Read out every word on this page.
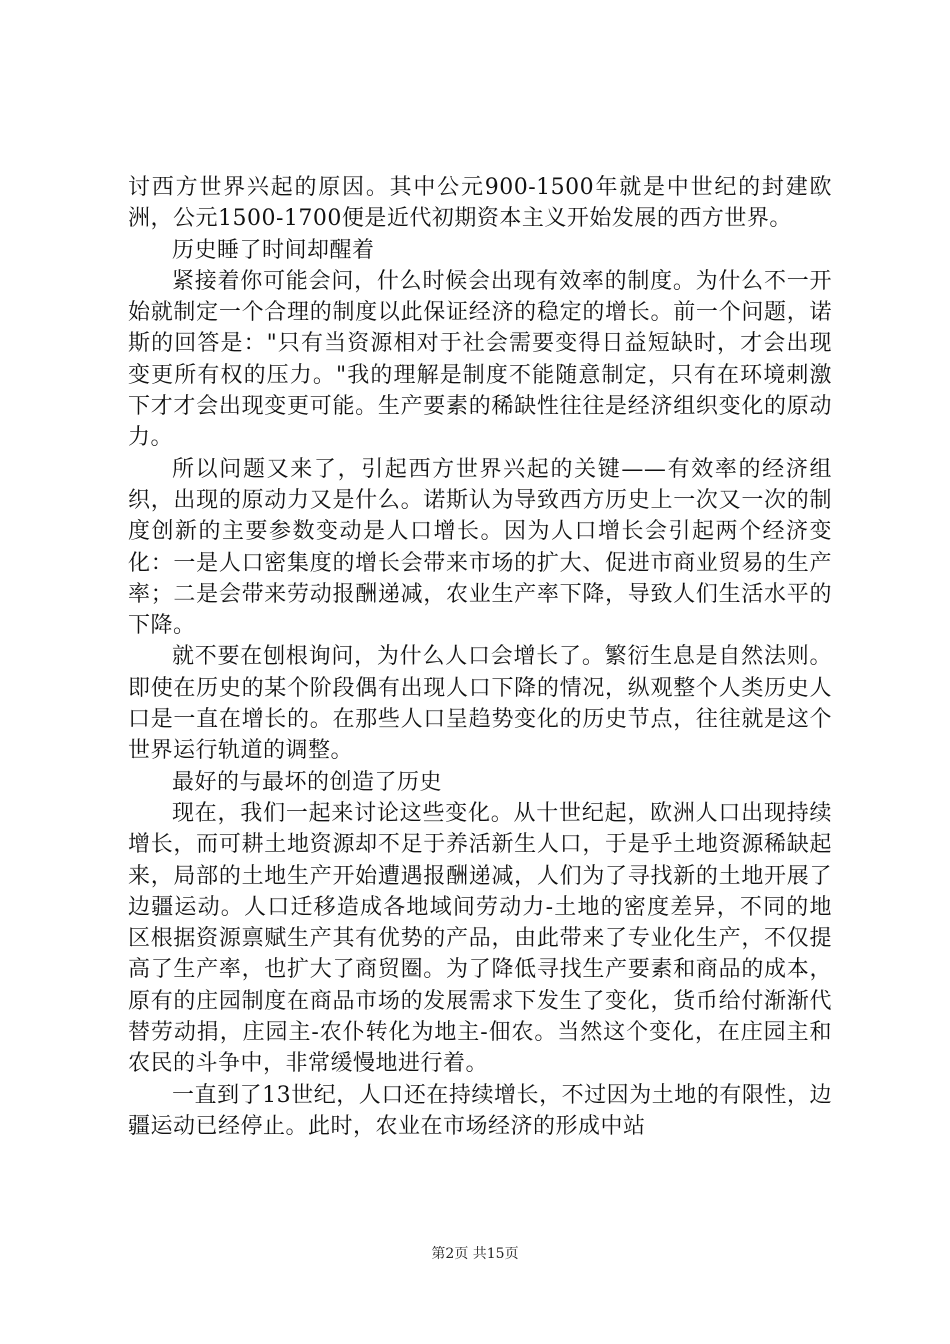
讨西方世界兴起的原因。其中公元900-1500年就是中世纪的封建欧洲，公元1500-1700便是近代初期资本主义开始发展的西方世界。

历史睡了时间却醒着

紧接着你可能会问，什么时候会出现有效率的制度。为什么不一开始就制定一个合理的制度以此保证经济的稳定的增长。前一个问题，诺斯的回答是："只有当资源相对于社会需要变得日益短缺时，才会出现变更所有权的压力。"我的理解是制度不能随意制定，只有在环境刺激下才才会出现变更可能。生产要素的稀缺性往往是经济组织变化的原动力。

所以问题又来了，引起西方世界兴起的关键——有效率的经济组织，出现的原动力又是什么。诺斯认为导致西方历史上一次又一次的制度创新的主要参数变动是人口增长。因为人口增长会引起两个经济变化：一是人口密集度的增长会带来市场的扩大、促进市商业贸易的生产率；二是会带来劳动报酬递减，农业生产率下降，导致人们生活水平的下降。

就不要在刨根询问，为什么人口会增长了。繁衍生息是自然法则。即使在历史的某个阶段偶有出现人口下降的情况，纵观整个人类历史人口是一直在增长的。在那些人口呈趋势变化的历史节点，往往就是这个世界运行轨道的调整。

最好的与最坏的创造了历史

现在，我们一起来讨论这些变化。从十世纪起，欧洲人口出现持续增长，而可耕土地资源却不足于养活新生人口，于是乎土地资源稀缺起来，局部的土地生产开始遭遇报酬递减，人们为了寻找新的土地开展了边疆运动。人口迁移造成各地域间劳动力-土地的密度差异，不同的地区根据资源禀赋生产其有优势的产品，由此带来了专业化生产，不仅提高了生产率，也扩大了商贸圈。为了降低寻找生产要素和商品的成本，原有的庄园制度在商品市场的发展需求下发生了变化，货币给付渐渐代替劳动捐，庄园主-农仆转化为地主-佃农。当然这个变化，在庄园主和农民的斗争中，非常缓慢地进行着。

一直到了13世纪，人口还在持续增长，不过因为土地的有限性，边疆运动已经停止。此时，农业在市场经济的形成中站

第2页 共15页
